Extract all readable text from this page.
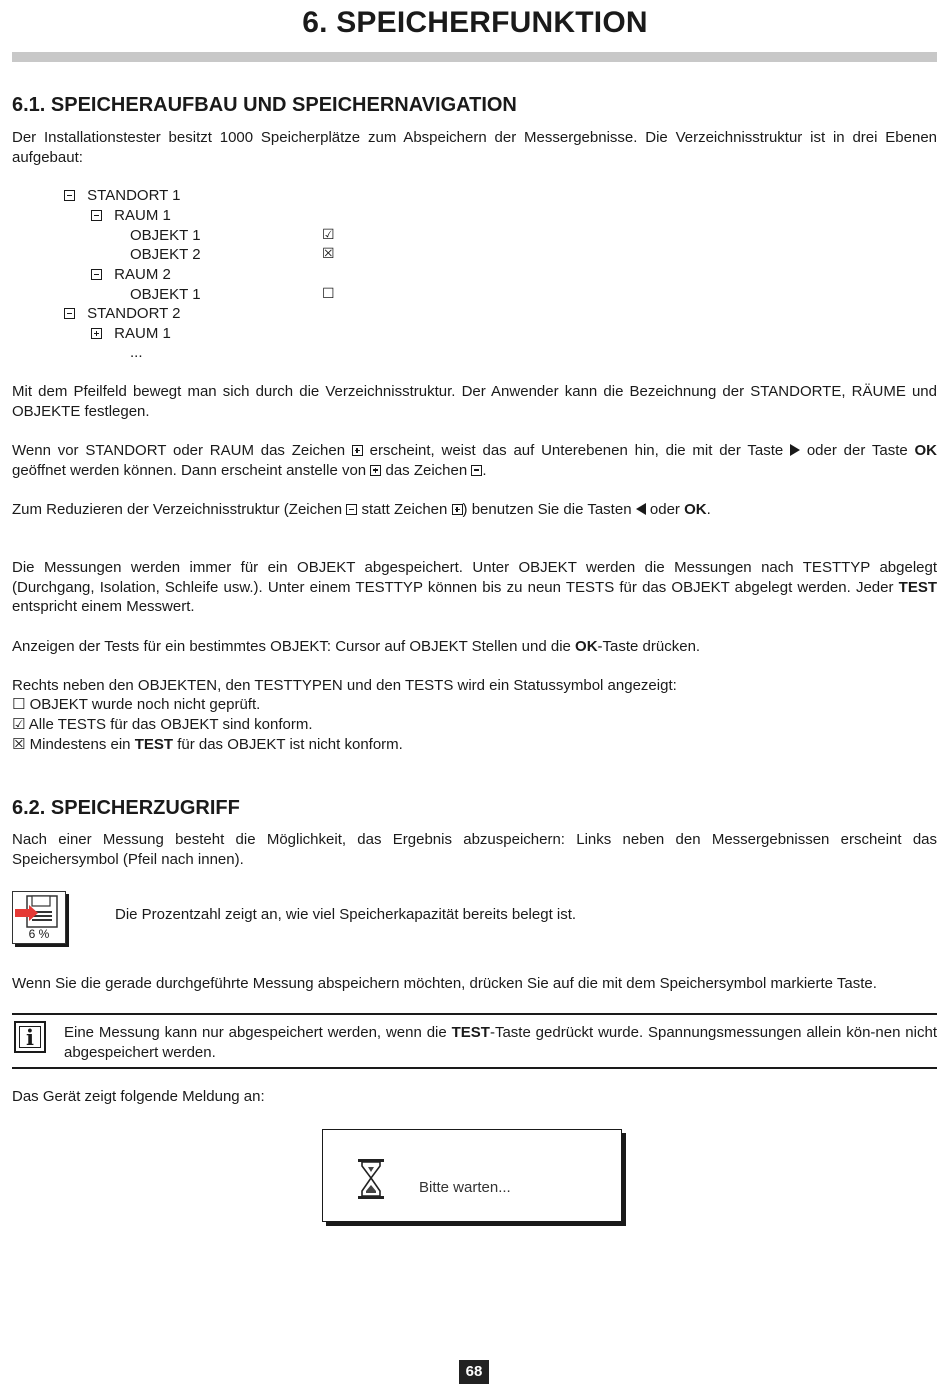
6. SPEICHERFUNKTION
6.1. SPEICHERAUFBAU UND SPEICHERNAVIGATION
Der Installationstester besitzt 1000 Speicherplätze zum Abspeichern der Messergebnisse. Die Verzeichnisstruktur ist in drei Ebenen aufgebaut:
STANDORT 1
RAUM 1
OBJEKT 1	☑
OBJEKT 2	☒
RAUM 2
OBJEKT 1	☐
STANDORT 2
RAUM 1
...
Mit dem Pfeilfeld bewegt man sich durch die Verzeichnisstruktur. Der Anwender kann die Bezeichnung der STANDORTE, RÄUME und OBJEKTE festlegen.
Wenn vor STANDORT oder RAUM das Zeichen  erscheint, weist das auf Unterebenen hin, die mit der Taste  oder der Taste OK geöffnet werden können. Dann erscheint anstelle von  das Zeichen .
Zum Reduzieren der Verzeichnisstruktur (Zeichen  statt Zeichen ) benutzen Sie die Tasten  oder OK.
Die Messungen werden immer für ein OBJEKT abgespeichert. Unter OBJEKT werden die Messungen nach TESTTYP abgelegt (Durchgang, Isolation, Schleife usw.). Unter einem TESTTYP können bis zu neun TESTS für das OBJEKT abgelegt werden. Jeder TEST entspricht einem Messwert.
Anzeigen der Tests für ein bestimmtes OBJEKT: Cursor auf OBJEKT Stellen und die OK-Taste drücken.
Rechts neben den OBJEKTEN, den TESTTYPEN und den TESTS wird ein Statussymbol angezeigt:
☐ OBJEKT wurde noch nicht geprüft.
☑ Alle TESTS für das OBJEKT sind konform.
☒ Mindestens ein TEST für das OBJEKT ist nicht konform.
6.2. SPEICHERZUGRIFF
Nach einer Messung besteht die Möglichkeit, das Ergebnis abzuspeichern: Links neben den Messergebnissen erscheint das Speichersymbol (Pfeil nach innen).
6 %
Die Prozentzahl zeigt an, wie viel Speicherkapazität bereits belegt ist.
Wenn Sie die gerade durchgeführte Messung abspeichern möchten, drücken Sie auf die mit dem Speichersymbol markierte Taste.
i	Eine Messung kann nur abgespeichert werden, wenn die TEST-Taste gedrückt wurde. Spannungsmessungen allein kön-nen nicht abgespeichert werden.
Das Gerät zeigt folgende Meldung an:
Bitte warten...
68
